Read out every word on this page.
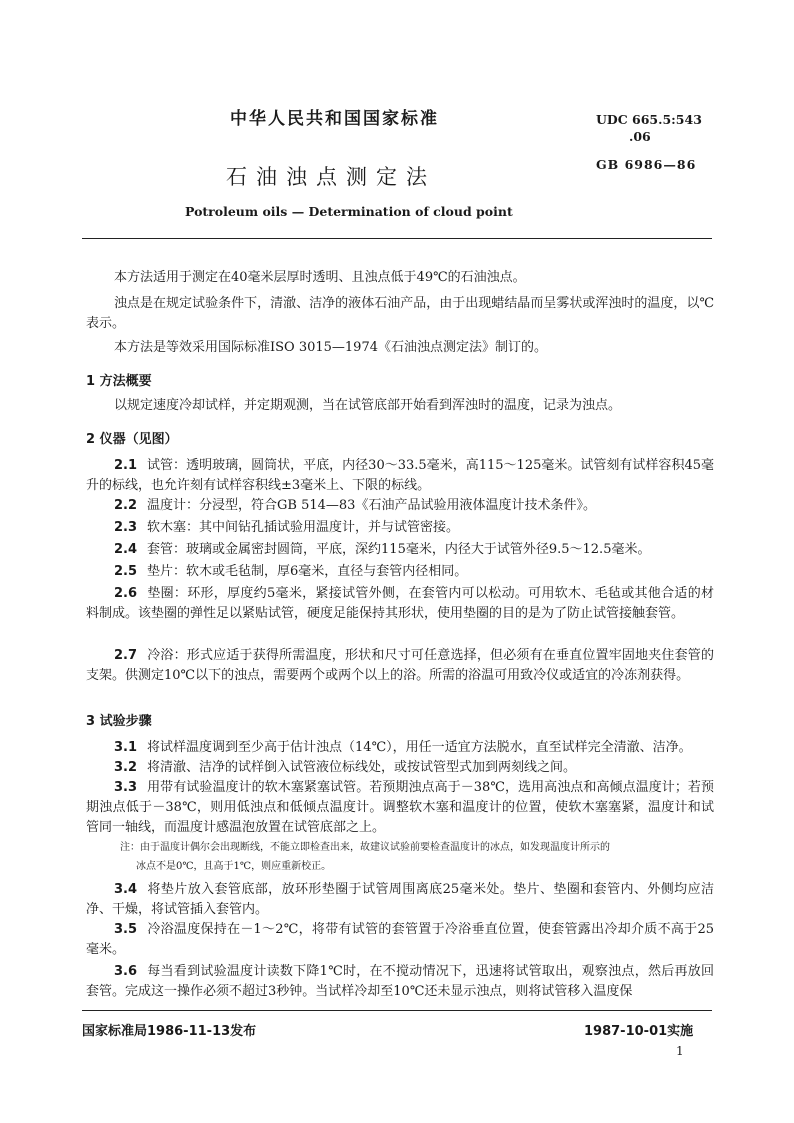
中华人民共和国国家标准
石油浊点测定法
Potroleum oils — Determination of cloud point
UDC 665.5:543
.06
GB 6986—86
本方法适用于测定在40毫米层厚时透明、且浊点低于49℃的石油浊点。
浊点是在规定试验条件下，清澈、洁净的液体石油产品，由于出现蜡结晶而呈雾状或浑浊时的温度，以℃表示。
本方法是等效采用国际标准ISO 3015—1974《石油浊点测定法》制订的。
1 方法概要
以规定速度冷却试样，并定期观测，当在试管底部开始看到浑浊时的温度，记录为浊点。
2 仪器（见图）
2.1 试管：透明玻璃，圆筒状，平底，内径30～33.5毫米，高115～125毫米。试管刻有试样容积45毫升的标线，也允许刻有试样容积线±3毫米上、下限的标线。
2.2 温度计：分浸型，符合GB 514—83《石油产品试验用液体温度计技术条件》。
2.3 软木塞：其中间钻孔插试验用温度计，并与试管密接。
2.4 套管：玻璃或金属密封圆筒，平底，深约115毫米，内径大于试管外径9.5～12.5毫米。
2.5 垫片：软木或毛毡制，厚6毫米，直径与套管内径相同。
2.6 垫圈：环形，厚度约5毫米，紧接试管外侧，在套管内可以松动。可用软木、毛毡或其他合适的材料制成。该垫圈的弹性足以紧贴试管，硬度足能保持其形状，使用垫圈的目的是为了防止试管接触套管。
2.7 冷浴：形式应适于获得所需温度，形状和尺寸可任意选择，但必须有在垂直位置牢固地夹住套管的支架。供测定10℃以下的浊点，需要两个或两个以上的浴。所需的浴温可用致冷仪或适宜的冷冻剂获得。
3 试验步骤
3.1 将试样温度调到至少高于估计浊点（14℃），用任一适宜方法脱水，直至试样完全清澈、洁净。
3.2 将清澈、洁净的试样倒入试管液位标线处，或按试管型式加到两刻线之间。
3.3 用带有试验温度计的软木塞紧塞试管。若预期浊点高于－38℃，选用高浊点和高倾点温度计；若预期浊点低于－38℃，则用低浊点和低倾点温度计。调整软木塞和温度计的位置，使软木塞塞紧，温度计和试管同一轴线，而温度计感温泡放置在试管底部之上。
注：由于温度计偶尔会出现断线，不能立即检查出来，故建议试验前要检查温度计的冰点，如发现温度计所示的
冰点不是0℃，且高于1℃，则应重新校正。
3.4 将垫片放入套管底部，放环形垫圈于试管周围离底25毫米处。垫片、垫圈和套管内、外侧均应洁净、干燥，将试管插入套管内。
3.5 冷浴温度保持在－1～2℃，将带有试管的套管置于冷浴垂直位置，使套管露出冷却介质不高于25毫米。
3.6 每当看到试验温度计读数下降1℃时，在不搅动情况下，迅速将试管取出，观察浊点，然后再放回套管。完成这一操作必须不超过3秒钟。当试样冷却至10℃还未显示浊点，则将试管移入温度保
国家标准局1986-11-13发布	1987-10-01实施
1
